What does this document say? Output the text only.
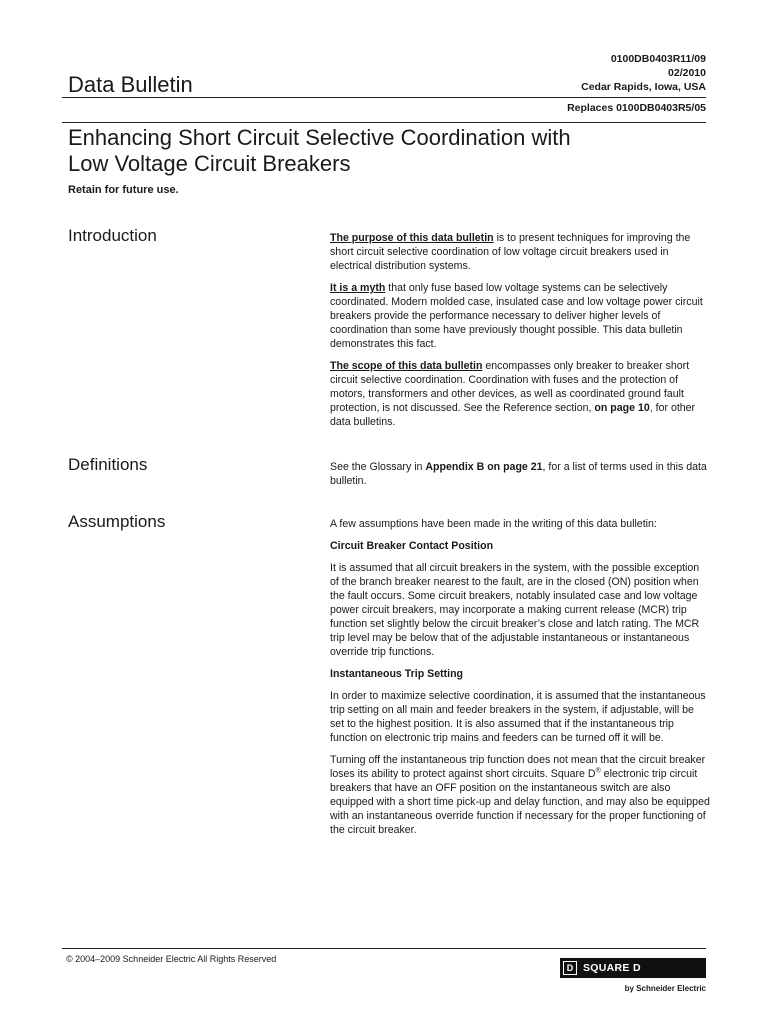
0100DB0403R11/09
02/2010
Cedar Rapids, Iowa, USA
Replaces 0100DB0403R5/05
Data Bulletin
Enhancing Short Circuit Selective Coordination with
Low Voltage Circuit Breakers
Retain for future use.
Introduction	The purpose of this data bulletin is to present techniques for improving the short circuit selective coordination of low voltage circuit breakers used in electrical distribution systems.

It is a myth that only fuse based low voltage systems can be selectively coordinated. Modern molded case, insulated case and low voltage power circuit breakers provide the performance necessary to deliver higher levels of coordination than some have previously thought possible. This data bulletin demonstrates this fact.

The scope of this data bulletin encompasses only breaker to breaker short circuit selective coordination. Coordination with fuses and the protection of motors, transformers and other devices, as well as coordinated ground fault protection, is not discussed. See the Reference section, on page 10, for other data bulletins.

Definitions	See the Glossary in Appendix B on page 21, for a list of terms used in this data bulletin.

Assumptions	A few assumptions have been made in the writing of this data bulletin:

Circuit Breaker Contact Position

It is assumed that all circuit breakers in the system, with the possible exception of the branch breaker nearest to the fault, are in the closed (ON) position when the fault occurs. Some circuit breakers, notably insulated case and low voltage power circuit breakers, may incorporate a making current release (MCR) trip function set slightly below the circuit breaker’s close and latch rating. The MCR trip level may be below that of the adjustable instantaneous or instantaneous override trip functions.

Instantaneous Trip Setting

In order to maximize selective coordination, it is assumed that the instantaneous trip setting on all main and feeder breakers in the system, if adjustable, will be set to the highest position. It is also assumed that if the instantaneous trip function on electronic trip mains and feeders can be turned off it will be.

Turning off the instantaneous trip function does not mean that the circuit breaker loses its ability to protect against short circuits. Square D® electronic trip circuit breakers that have an OFF position on the instantaneous switch are also equipped with a short time pick-up and delay function, and may also be equipped with an instantaneous override function if necessary for the proper functioning of the circuit breaker.

© 2004–2009 Schneider Electric All Rights Reserved
D SQUARE D
by Schneider Electric
